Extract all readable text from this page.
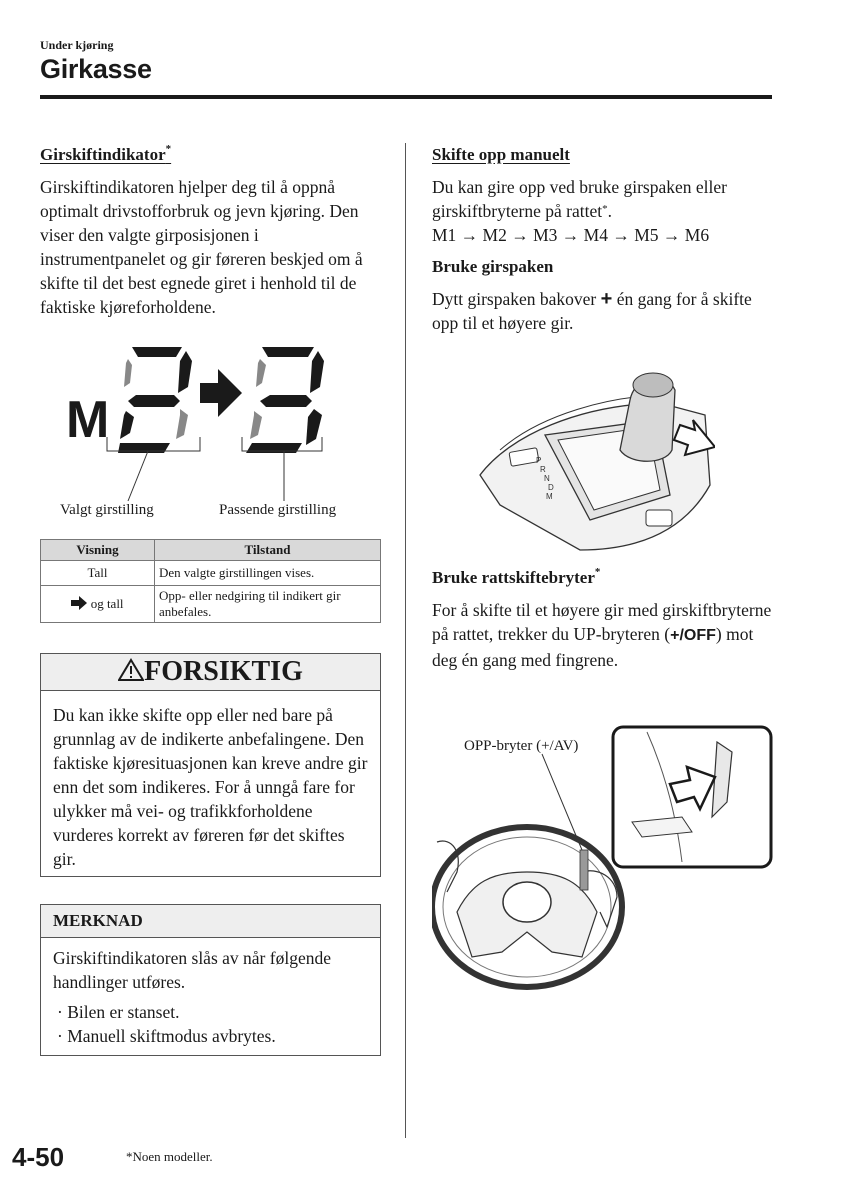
Under kjøring
Girkasse
Girskiftindikator*

Girskiftindikatoren hjelper deg til å oppnå optimalt drivstofforbruk og jevn kjøring. Den viser den valgte girposisjonen i instrumentpanelet og gir føreren beskjed om å skifte til det best egnede giret i henhold til de faktiske kjøreforholdene.

M
Valgt girstilling	Passende girstilling
Visning	Tilstand
Tall	Den valgte girstillingen vises.
og tall	Opp- eller nedgiring til indikert gir anbefales.
FORSIKTIG

Du kan ikke skifte opp eller ned bare på grunnlag av de indikerte anbefalingene. Den faktiske kjøresituasjonen kan kreve andre gir enn det som indikeres. For å unngå fare for ulykker må vei- og trafikkforholdene vurderes korrekt av føreren før det skiftes gir.

MERKNAD

Girskiftindikatoren slås av når følgende handlinger utføres.

· Bilen er stanset.
· Manuell skiftmodus avbrytes.
Skifte opp manuelt

Du kan gire opp ved bruke girspaken eller girskiftbryterne på rattet*.
M1 → M2 → M3 → M4 → M5 → M6

Bruke girspaken

Dytt girspaken bakover + én gang for å skifte opp til et høyere gir.

P
R
N
D
M
Bruke rattskiftebryter*

For å skifte til et høyere gir med girskiftbryterne på rattet, trekker du UP-bryteren (+/OFF) mot deg én gang med fingrene.

OPP-bryter (+/AV)
4-50	*Noen modeller.
